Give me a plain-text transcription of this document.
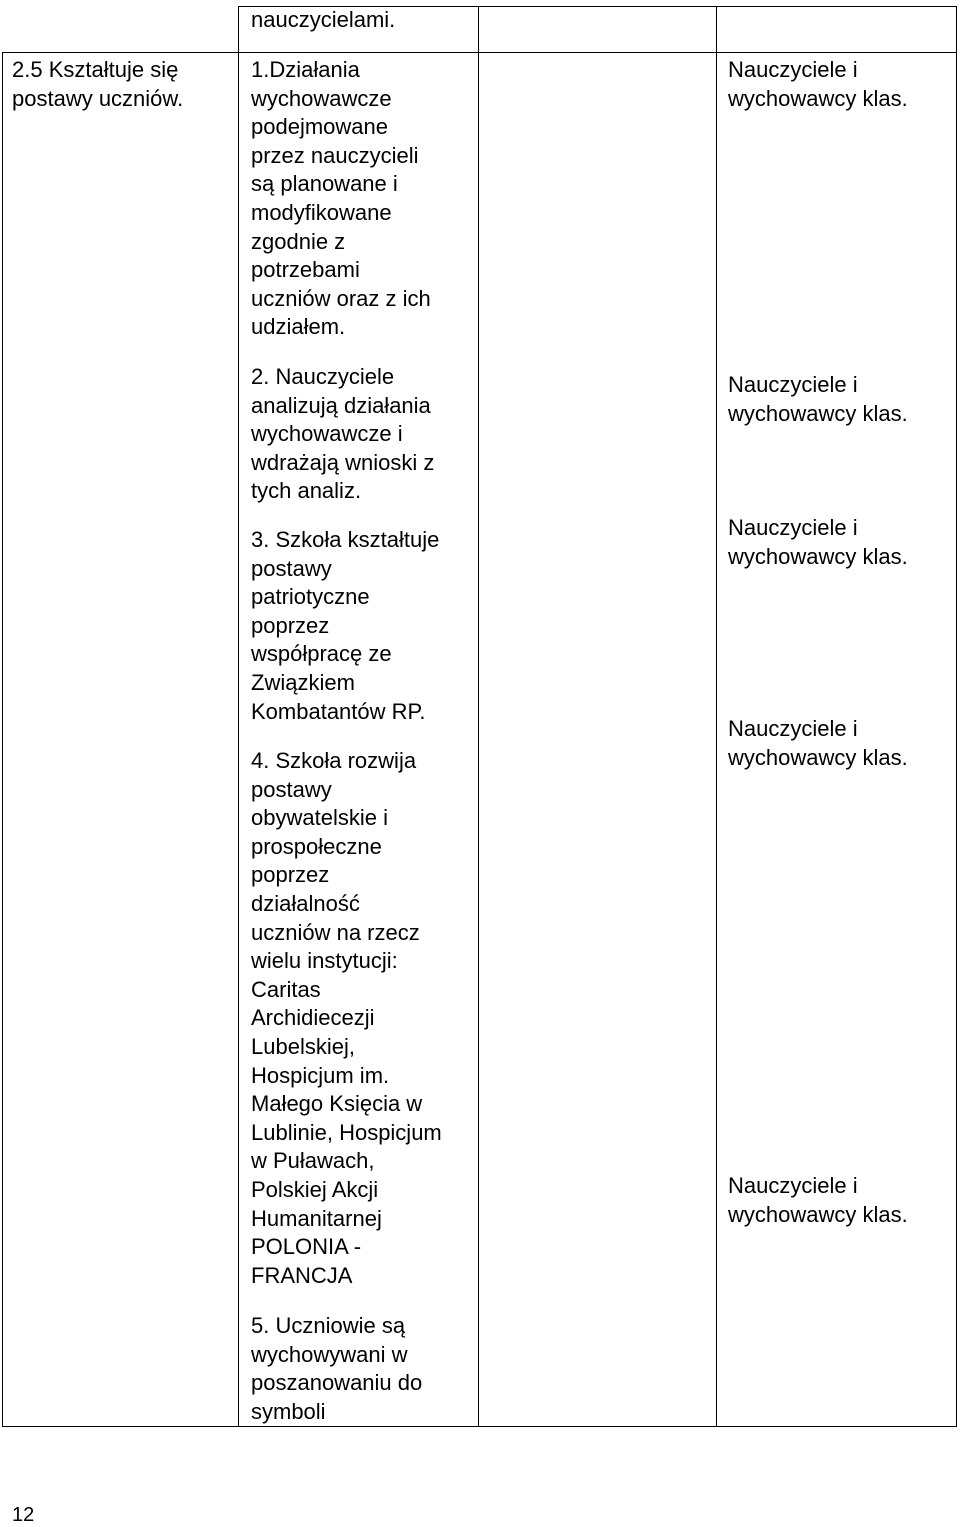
nauczycielami.
2.5 Kształtuje się
postawy uczniów.
1.Działania
wychowawcze
podejmowane
przez nauczycieli
są planowane i
modyfikowane
zgodnie z
potrzebami
uczniów oraz z ich
udziałem.
Nauczyciele i
wychowawcy klas.
2. Nauczyciele
analizują działania
wychowawcze i
wdrażają wnioski z
tych analiz.
Nauczyciele i
wychowawcy klas.
3. Szkoła kształtuje
postawy
patriotyczne
poprzez
współpracę ze
Związkiem
Kombatantów RP.
Nauczyciele i
wychowawcy klas.
4. Szkoła rozwija
postawy
obywatelskie i
prospołeczne
poprzez
działalność
uczniów na rzecz
wielu instytucji:
Caritas
Archidiecezji
Lubelskiej,
Hospicjum im.
Małego Księcia w
Lublinie, Hospicjum
w Puławach,
Polskiej Akcji
Humanitarnej
POLONIA -
FRANCJA
Nauczyciele i
wychowawcy klas.
5. Uczniowie są
wychowywani w
poszanowaniu do
symboli
Nauczyciele i
wychowawcy klas.
12
